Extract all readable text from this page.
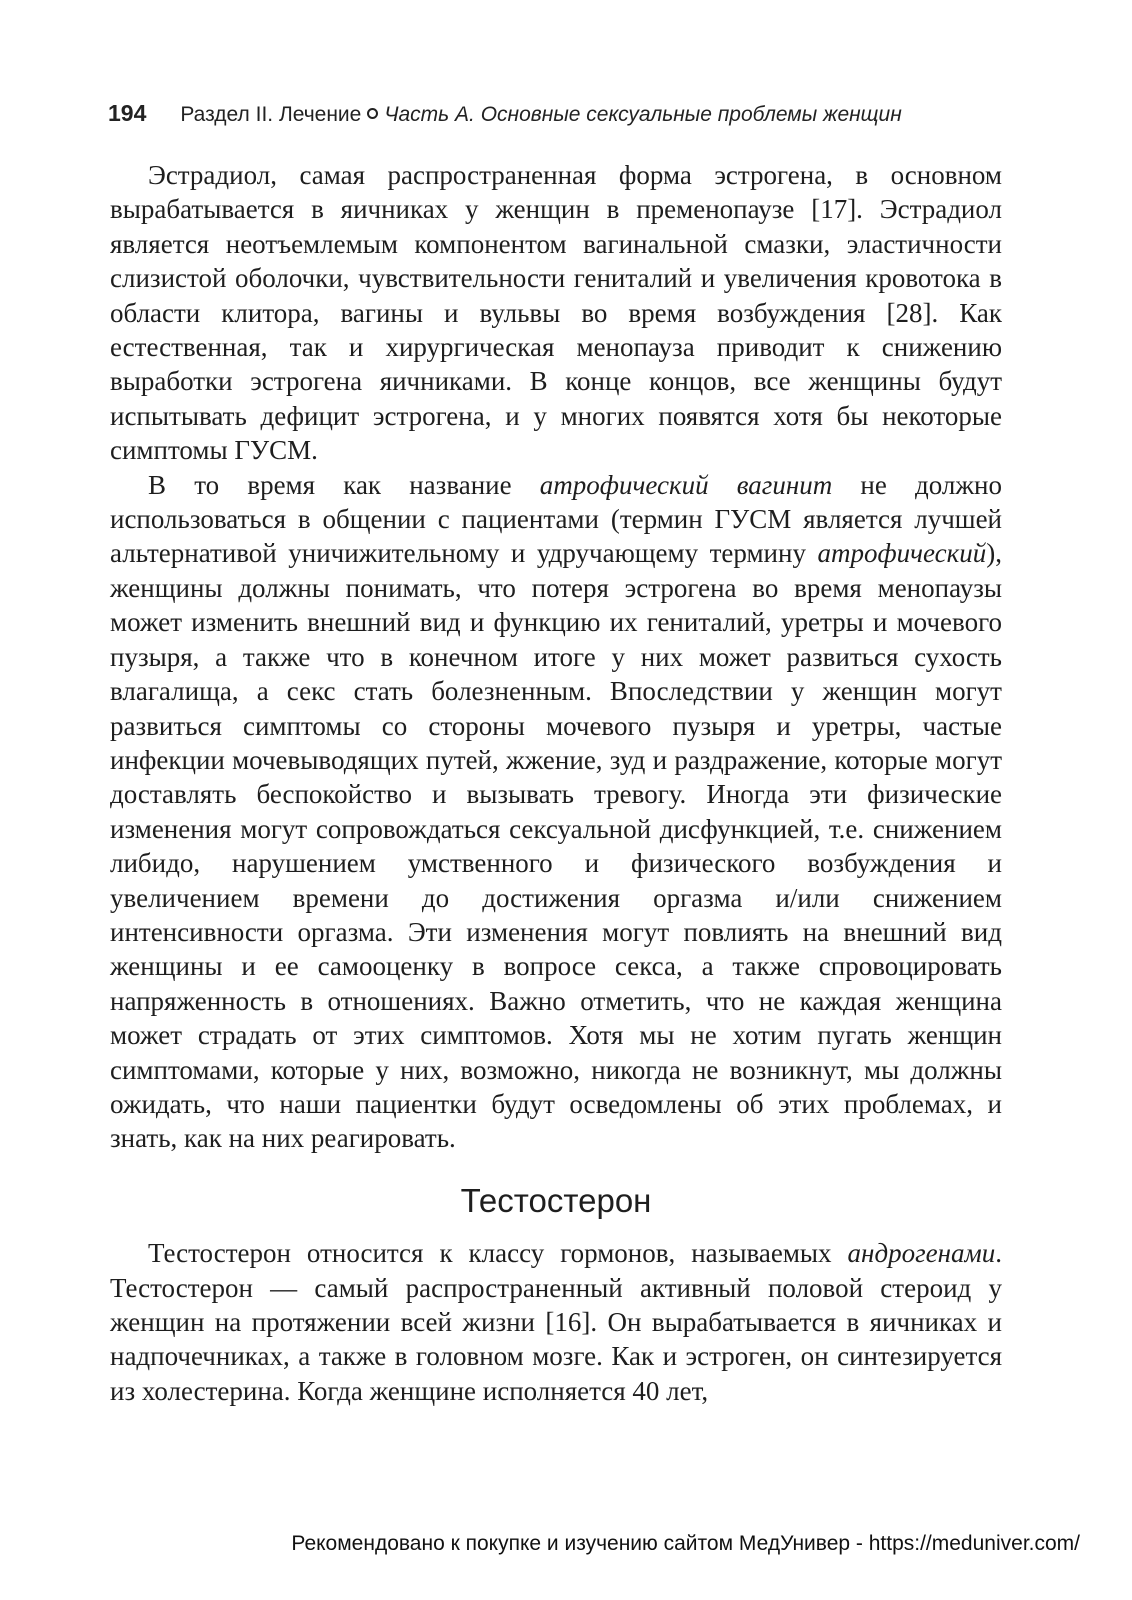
194 Раздел II. Лечение Часть А. Основные сексуальные проблемы женщин

Эстрадиол, самая распространенная форма эстрогена, в основном вырабатывается в яичниках у женщин в пременопаузе [17]. Эстрадиол является неотъемлемым компонентом вагинальной смазки, эластичности слизистой оболочки, чувствительности гениталий и увеличения кровотока в области клитора, вагины и вульвы во время возбуждения [28]. Как естественная, так и хирургическая менопауза приводит к снижению выработки эстрогена яичниками. В конце концов, все женщины будут испытывать дефицит эстрогена, и у многих появятся хотя бы некоторые симптомы ГУСМ.

В то время как название атрофический вагинит не должно использоваться в общении с пациентами (термин ГУСМ является лучшей альтернативой уничижительному и удручающему термину атрофический), женщины должны понимать, что потеря эстрогена во время менопаузы может изменить внешний вид и функцию их гениталий, уретры и мочевого пузыря, а также что в конечном итоге у них может развиться сухость влагалища, а секс стать болезненным. Впоследствии у женщин могут развиться симптомы со стороны мочевого пузыря и уретры, частые инфекции мочевыводящих путей, жжение, зуд и раздражение, которые могут доставлять беспокойство и вызывать тревогу. Иногда эти физические изменения могут сопровождаться сексуальной дисфункцией, т.е. снижением либидо, нарушением умственного и физического возбуждения и увеличением времени до достижения оргазма и/или снижением интенсивности оргазма. Эти изменения могут повлиять на внешний вид женщины и ее самооценку в вопросе секса, а также спровоцировать напряженность в отношениях. Важно отметить, что не каждая женщина может страдать от этих симптомов. Хотя мы не хотим пугать женщин симптомами, которые у них, возможно, никогда не возникнут, мы должны ожидать, что наши пациентки будут осведомлены об этих проблемах, и знать, как на них реагировать.

Тестостерон

Тестостерон относится к классу гормонов, называемых андрогенами. Тестостерон — самый распространенный активный половой стероид у женщин на протяжении всей жизни [16]. Он вырабатывается в яичниках и надпочечниках, а также в головном мозге. Как и эстроген, он синтезируется из холестерина. Когда женщине исполняется 40 лет,

Рекомендовано к покупке и изучению сайтом МедУнивер - https://meduniver.com/
